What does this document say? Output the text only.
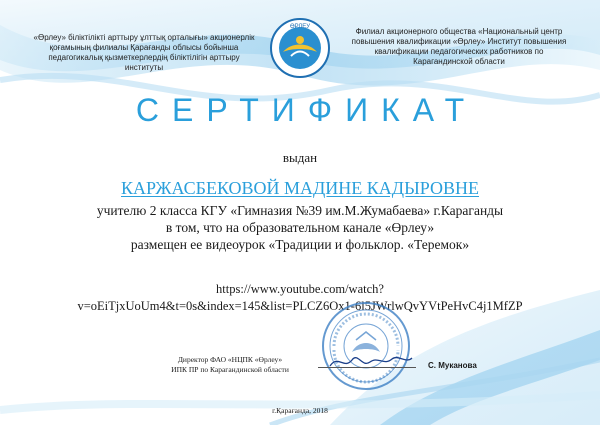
«Өрлеу» біліктілікті арттыру ұлттық орталығы» акционерлік
қоғамының филиалы Қарағанды облысы бойынша
педагогикалық қызметкерлердің біліктілігін арттыру
институты
ӨРЛЕУ	Филиал акционерного общества «Национальный центр
повышения квалификации «Өрлеу» Институт повышения
квалификации педагогических работников по
Карагандинской области
СЕРТИФИКАТ
выдан
КАРЖАСБЕКОВОЙ МАДИНЕ КАДЫРОВНЕ
учителю 2 класса КГУ «Гимназия №39 им.М.Жумабаева» г.Караганды
в том, что на образовательном канале «Өрлеу»
размещен ее видеоурок «Традиции и фольклор. «Теремок»
https://www.youtube.com/watch?
v=oEiTjxUoUm4&t=0s&index=145&list=PLCZ6Ox1-6l5JWrlwQvYVtPeHvC4j1MfZP
Директор ФАО «НЦПК «Өрлеу»
ИПК ПР по Карагандинской области	С. Муканова
г.Қарағанда, 2018
